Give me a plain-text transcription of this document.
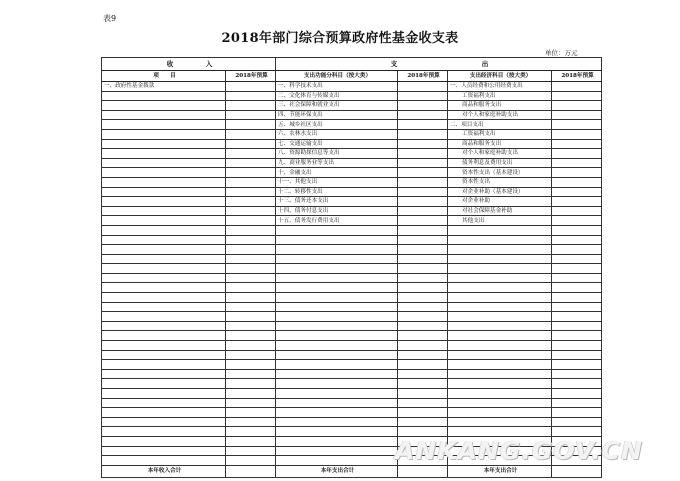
表9
2018年部门综合预算政府性基金收支表
单位：万元
收　　　　　入		支　　　　　　　　　　　　　出			
项　　目	2018年预算	支出功能分科目（按大类）	2018年预算	支出经济科目（按大类）	2018年预算
一、政府性基金拨款		一、科学技术支出		一、人员经费和公用经费支出	
		二、文化体育与传媒支出		工资福利支出	
		三、社会保障和就业支出		商品和服务支出	
		四、节能环保支出		对个人和家庭补助支出	
		五、城乡社区支出		二、项目支出	
		六、农林水支出		工资福利支出	
		七、交通运输支出		商品和服务支出	
		八、资源勘探信息等支出		对个人和家庭补助支出	
		九、商业服务业等支出		债务利息及费用支出	
		十、金融支出		资本性支出（基本建设）	
		十一、其他支出		资本性支出	
		十二、转移性支出		对企业补助（基本建设）	
		十三、债务还本支出		对企业补助	
		十四、债务付息支出		对社会保障基金补助	
		十五、债务发行费用支出		其他支出	

本年收入合计		本年支出合计		本年支出合计	
ANKANG.GOV.CN
